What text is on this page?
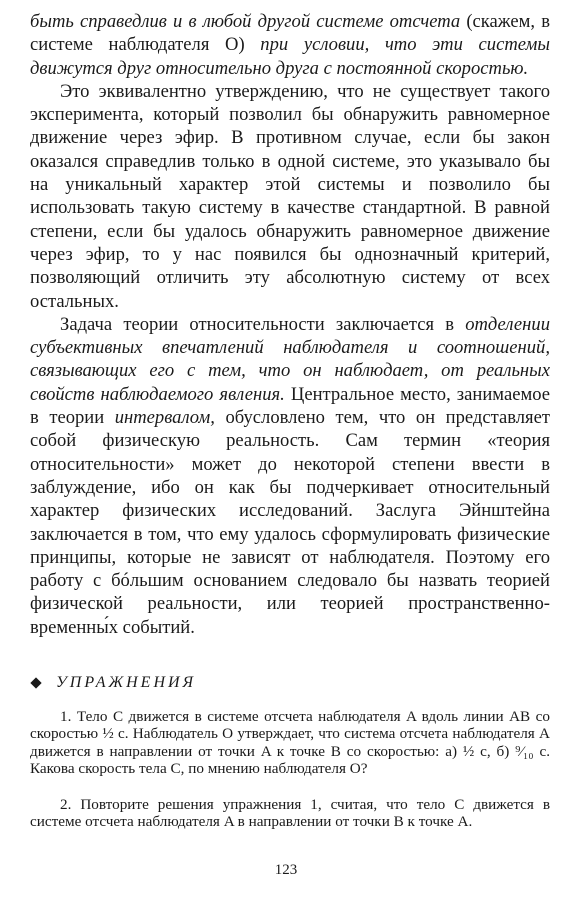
быть справедлив и в любой другой системе отсчета (скажем, в системе наблюдателя O) при условии, что эти системы движутся друг относительно друга с постоянной скоростью.

Это эквивалентно утверждению, что не существует такого эксперимента, который позволил бы обнаружить равномерное движение через эфир. В противном случае, если бы закон оказался справедлив только в одной системе, это указывало бы на уникальный характер этой системы и позволило бы использовать такую систему в качестве стандартной. В равной степени, если бы удалось обнаружить равномерное движение через эфир, то у нас появился бы однозначный критерий, позволяющий отличить эту абсолютную систему от всех остальных.

Задача теории относительности заключается в отделении субъективных впечатлений наблюдателя и соотношений, связывающих его с тем, что он наблюдает, от реальных свойств наблюдаемого явления. Центральное место, занимаемое в теории интервалом, обусловлено тем, что он представляет собой физическую реальность. Сам термин «теория относительности» может до некоторой степени ввести в заблуждение, ибо он как бы подчеркивает относительный характер физических исследований. Заслуга Эйнштейна заключается в том, что ему удалось сформулировать физические принципы, которые не зависят от наблюдателя. Поэтому его работу с бóльшим основанием следовало бы назвать теорией физической реальности, или теорией пространственно-временны́х событий.

УПРАЖНЕНИЯ

1. Тело C движется в системе отсчета наблюдателя A вдоль линии AB со скоростью ½ c. Наблюдатель O утверждает, что система отсчета наблюдателя A движется в направлении от точки A к точке B со скоростью: а) ½ c, б) ⁹⁄₁₀ c. Какова скорость тела C, по мнению наблюдателя O?

2. Повторите решения упражнения 1, считая, что тело C движется в системе отсчета наблюдателя A в направлении от точки B к точке A.

123
